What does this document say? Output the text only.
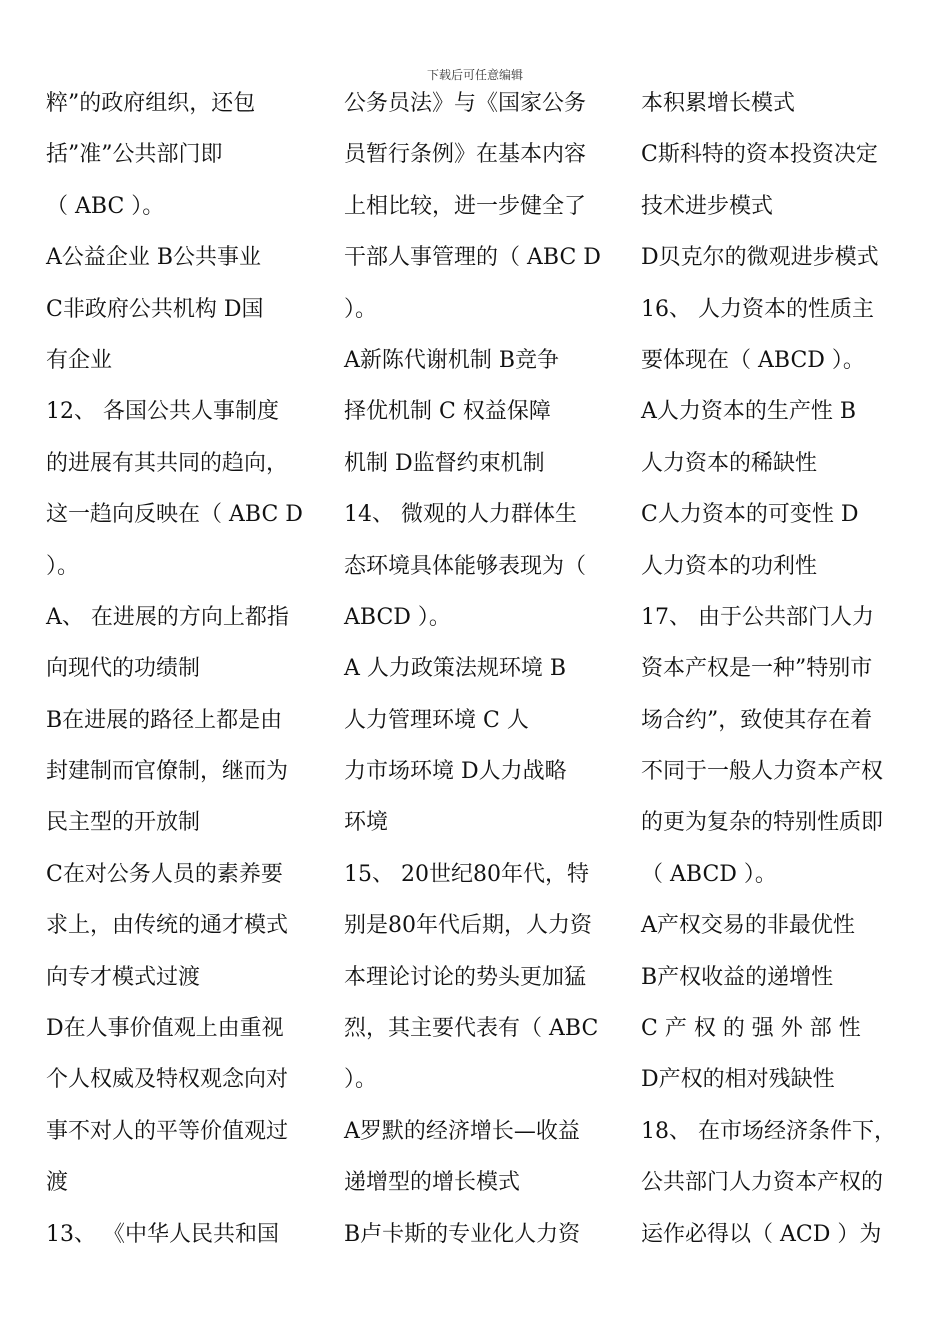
下载后可任意编辑
粹”的政府组织，还包
括”准”公共部门即
（ ABC ）。
A公益企业 B公共事业
C非政府公共机构 D国
有企业
12、 各国公共人事制度
的进展有其共同的趋向，
这一趋向反映在（ ABC D
）。
A、 在进展的方向上都指
向现代的功绩制
B在进展的路径上都是由
封建制而官僚制，继而为
民主型的开放制
C在对公务人员的素养要
求上，由传统的通才模式
向专才模式过渡
D在人事价值观上由重视
个人权威及特权观念向对
事不对人的平等价值观过
渡
13、 《中华人民共和国
公务员法》与《国家公务
员暂行条例》在基本内容
上相比较，进一步健全了
干部人事管理的（ ABC D
）。
A新陈代谢机制 B竞争
择优机制 C 权益保障
机制 D监督约束机制
14、 微观的人力群体生
态环境具体能够表现为（
ABCD ）。
A 人力政策法规环境 B
人力管理环境 C 人
力市场环境 D人力战略
环境
15、 20世纪80年代，特
别是80年代后期，人力资
本理论讨论的势头更加猛
烈，其主要代表有（ ABC
）。
A罗默的经济增长—收益
递增型的增长模式
B卢卡斯的专业化人力资
本积累增长模式
C斯科特的资本投资决定
技术进步模式
D贝克尔的微观进步模式
16、 人力资本的性质主
要体现在（ ABCD ）。
A人力资本的生产性 B
人力资本的稀缺性
C人力资本的可变性 D
人力资本的功利性
17、 由于公共部门人力
资本产权是一种”特别市
场合约”，致使其存在着
不同于一般人力资本产权
的更为复杂的特别性质即
（ ABCD ）。
A产权交易的非最优性
B产权收益的递增性
C 产 权 的 强 外 部 性
D产权的相对残缺性
18、 在市场经济条件下，
公共部门人力资本产权的
运作必得以（ ACD ）为
